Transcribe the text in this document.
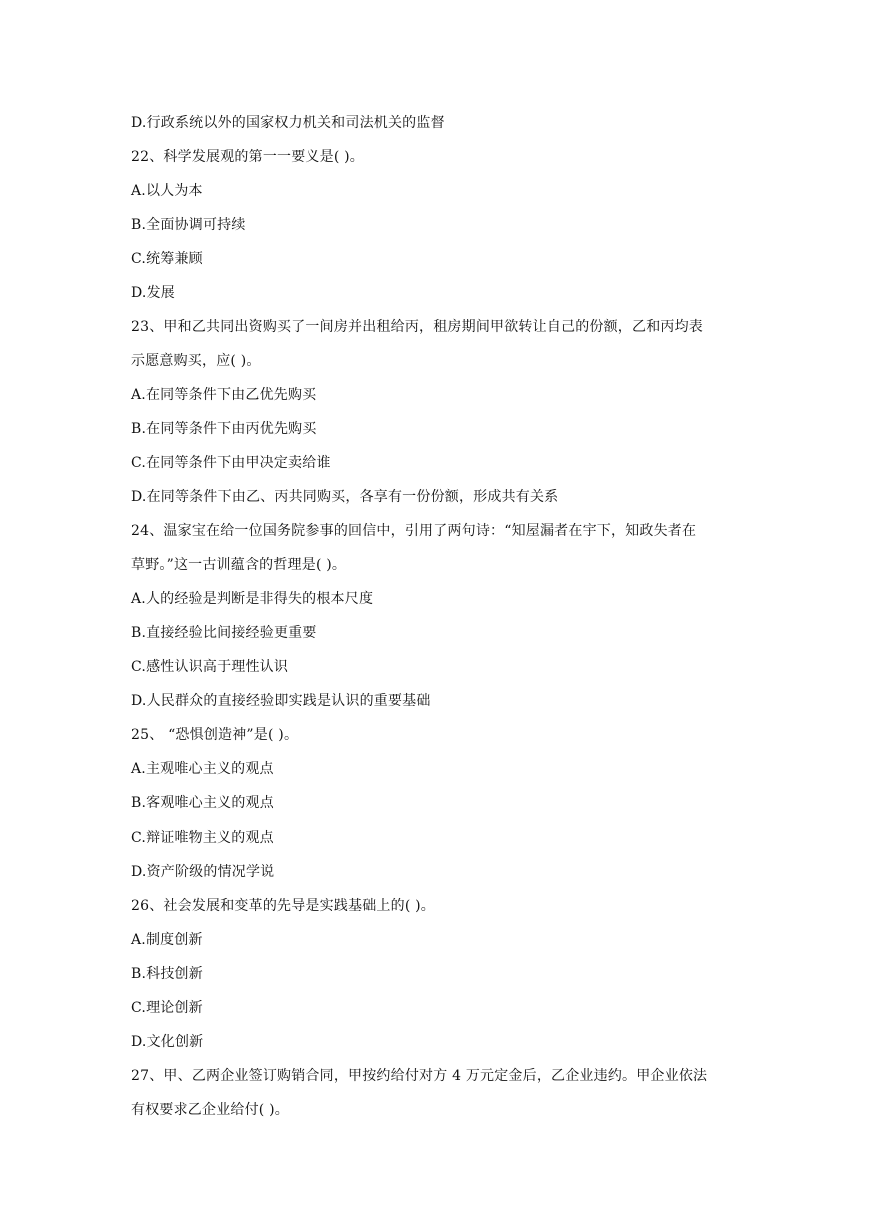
D.行政系统以外的国家权力机关和司法机关的监督
22、科学发展观的第一一要义是( )。
A.以人为本
B.全面协调可持续
C.统筹兼顾
D.发展
23、甲和乙共同出资购买了一间房并出租给丙，租房期间甲欲转让自己的份额，乙和丙均表
示愿意购买，应( )。
A.在同等条件下由乙优先购买
B.在同等条件下由丙优先购买
C.在同等条件下由甲决定卖给谁
D.在同等条件下由乙、丙共同购买，各享有一份份额，形成共有关系
24、温家宝在给一位国务院参事的回信中，引用了两句诗：“知屋漏者在宇下，知政失者在
草野。”这一古训蕴含的哲理是( )。
A.人的经验是判断是非得失的根本尺度
B.直接经验比间接经验更重要
C.感性认识高于理性认识
D.人民群众的直接经验即实践是认识的重要基础
25、 “恐惧创造神”是( )。
A.主观唯心主义的观点
B.客观唯心主义的观点
C.辩证唯物主义的观点
D.资产阶级的情况学说
26、社会发展和变革的先导是实践基础上的( )。
A.制度创新
B.科技创新
C.理论创新
D.文化创新
27、甲、乙两企业签订购销合同，甲按约给付对方 4 万元定金后，乙企业违约。甲企业依法
有权要求乙企业给付( )。
